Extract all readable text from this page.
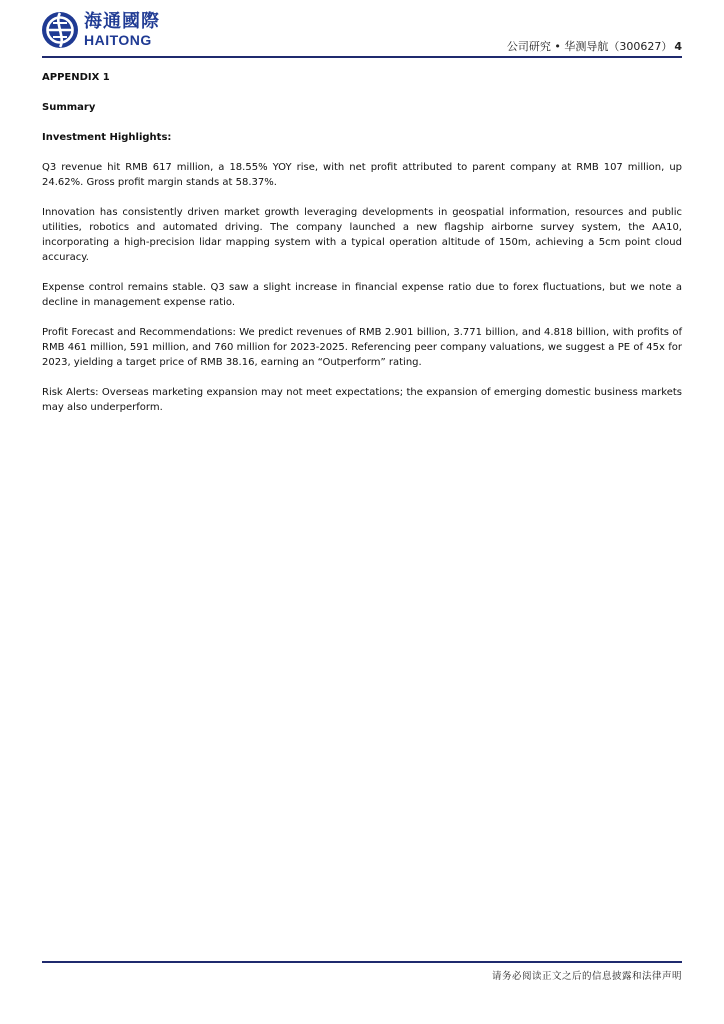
海通國際
HAITONG	公司研究 • 华测导航（300627） 4
APPENDIX 1
Summary
Investment Highlights:

Q3 revenue hit RMB 617 million, a 18.55% YOY rise, with net profit attributed to parent company at RMB 107 million, up 24.62%. Gross profit margin stands at 58.37%.

Innovation has consistently driven market growth leveraging developments in geospatial information, resources and public utilities, robotics and automated driving. The company launched a new flagship airborne survey system, the AA10, incorporating a high-precision lidar mapping system with a typical operation altitude of 150m, achieving a 5cm point cloud accuracy.

Expense control remains stable. Q3 saw a slight increase in financial expense ratio due to forex fluctuations, but we note a decline in management expense ratio.

Profit Forecast and Recommendations: We predict revenues of RMB 2.901 billion, 3.771 billion, and 4.818 billion, with profits of RMB 461 million, 591 million, and 760 million for 2023-2025. Referencing peer company valuations, we suggest a PE of 45x for 2023, yielding a target price of RMB 38.16, earning an “Outperform” rating.

Risk Alerts: Overseas marketing expansion may not meet expectations; the expansion of emerging domestic business markets may also underperform.

请务必阅读正文之后的信息披露和法律声明
